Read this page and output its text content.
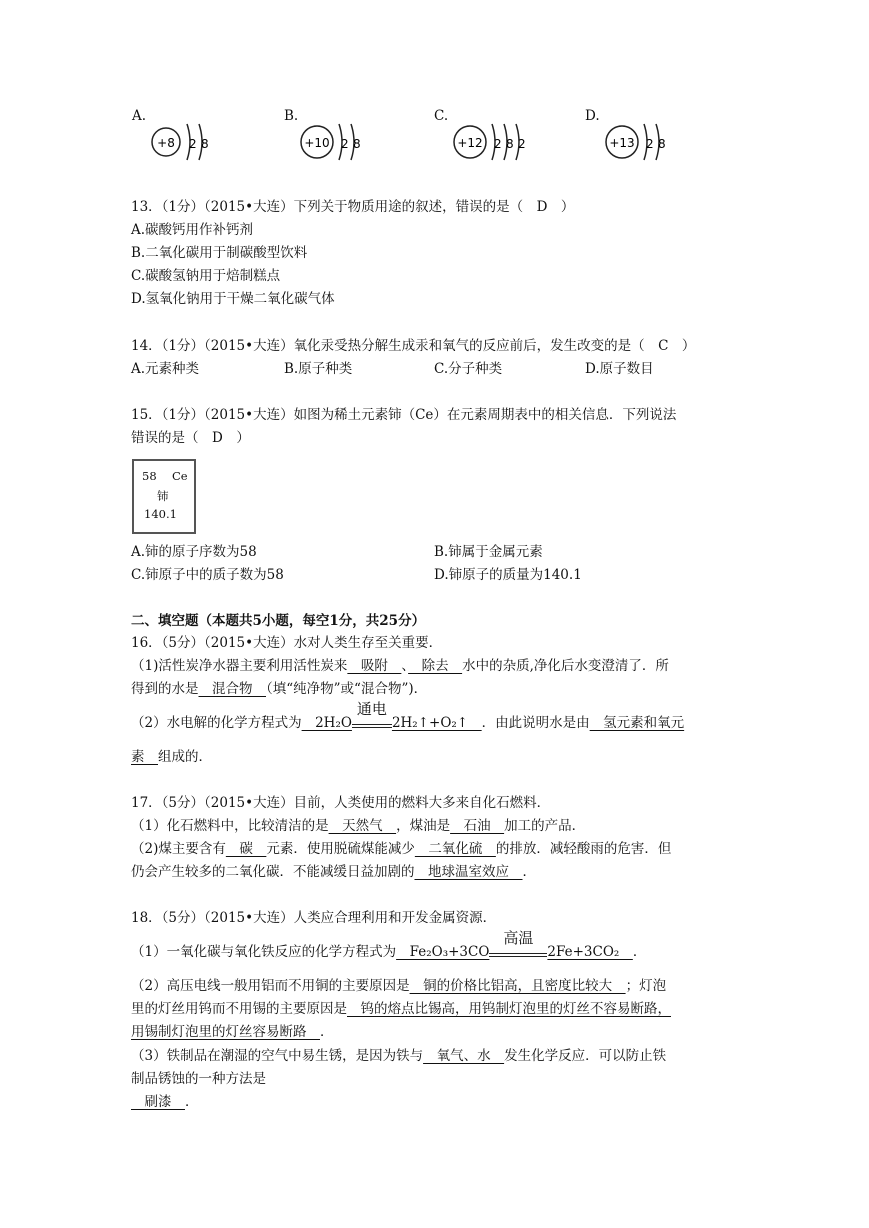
A.	B.	C.	D.
+8 2 8	+10 2 8	+12 2 8 2	+13 2 8
13．（1分）（2015•大连）下列关于物质用途的叙述，错误的是（　D　）
A.碳酸钙用作补钙剂
B.二氧化碳用于制碳酸型饮料
C.碳酸氢钠用于焙制糕点
D.氢氧化钠用于干燥二氧化碳气体
14．（1分）（2015•大连）氧化汞受热分解生成汞和氧气的反应前后，发生改变的是（　C　）
A.元素种类	B.原子种类	C.分子种类	D.原子数目
15．（1分）（2015•大连）如图为稀土元素铈（Ce）在元素周期表中的相关信息．下列说法
错误的是（　D　）
58 Ce
铈
140.1
A.铈的原子序数为58	B.铈属于金属元素
C.铈原子中的质子数为58	D.铈原子的质量为140.1
二、填空题（本题共5小题，每空1分，共25分）
16．（5分）（2015•大连）水对人类生存至关重要．
（1)活性炭净水器主要利用活性炭来　吸附　、　除去　水中的杂质,净化后水变澄清了．所
得到的水是　混合物　（填“纯净物”或“混合物”)．
（2）水电解的化学方程式为　2H₂O
通电
2H₂↑+O₂↑　．由此说明水是由　氢元素和氧元
素　组成的．
17．（5分）（2015•大连）目前，人类使用的燃料大多来自化石燃料．
（1）化石燃料中，比较清洁的是　天然气　，煤油是　石油　加工的产品．
（2)煤主要含有　碳　元素．使用脱硫煤能减少　二氧化硫　的排放．减轻酸雨的危害．但
仍会产生较多的二氧化碳．不能减缓日益加剧的　地球温室效应　．
18．（5分）（2015•大连）人类应合理利用和开发金属资源．
（1）一氧化碳与氧化铁反应的化学方程式为　Fe₂O₃+3CO
高温
2Fe+3CO₂　．
（2）高压电线一般用铝而不用铜的主要原因是　铜的价格比铝高，且密度比较大　；灯泡
里的灯丝用钨而不用锡的主要原因是　钨的熔点比锡高，用钨制灯泡里的灯丝不容易断路，
用锡制灯泡里的灯丝容易断路　．
（3）铁制品在潮湿的空气中易生锈，是因为铁与　氧气、水　发生化学反应．可以防止铁
制品锈蚀的一种方法是
　刷漆　．
